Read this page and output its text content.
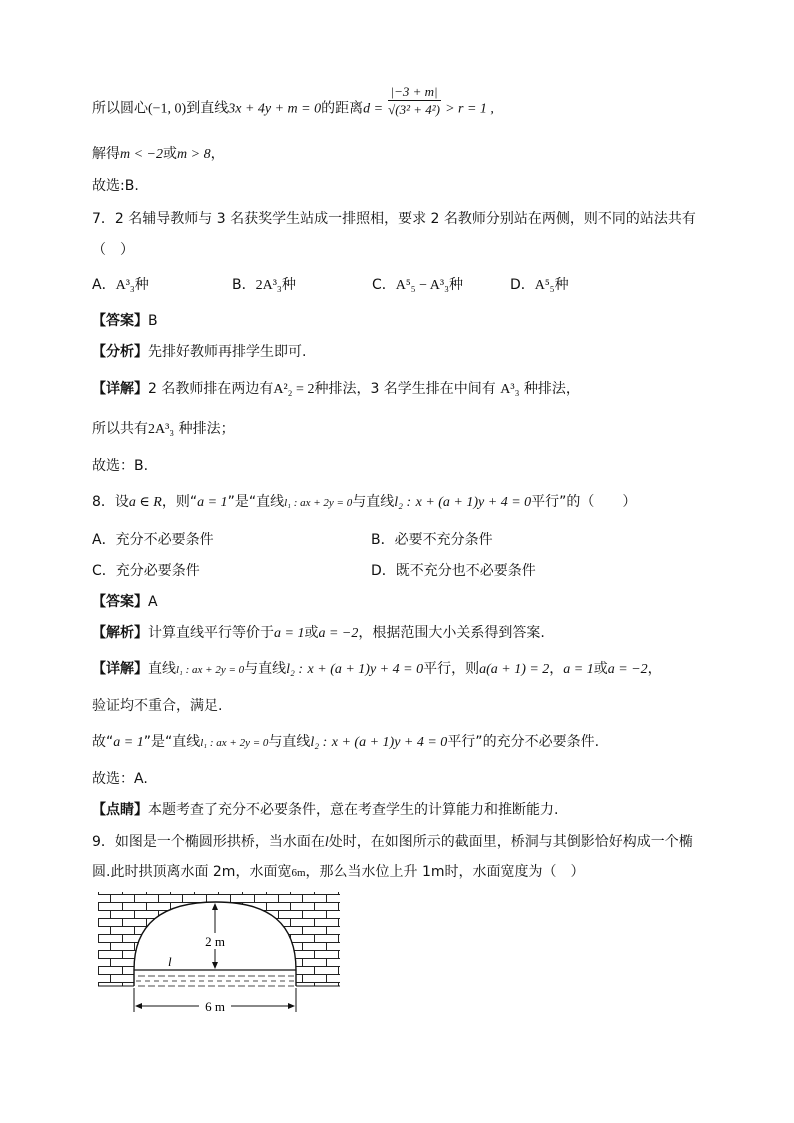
所以圆心(−1, 0)到直线3x + 4y + m = 0的距离$d = \frac{|-3 + m|}{\text{√(3² + 4²)}} > r = 1$ ,
解得m < −2或m > 8，
故选:B.
7．2 名辅导教师与 3 名获奖学生站成一排照相，要求 2 名教师分别站在两侧，则不同的站法共有
（　）
A．A³₃种	B．2A³₃种	C．A⁵₅ − A³₃种	D．A⁵₅种
【答案】B
【分析】先排好教师再排学生即可.
【详解】2 名教师排在两边有A²₂ = 2种排法，3 名学生排在中间有 A³₃ 种排法，
所以共有2A³₃ 种排法；
故选：B.
8．设a ∈ R，则“a = 1”是“直线l₁ : ax + 2y = 0与直线l₂ : x + (a + 1)y + 4 = 0平行”的（　　）
A．充分不必要条件	B．必要不充分条件
C．充分必要条件	D．既不充分也不必要条件
【答案】A
【解析】计算直线平行等价于a = 1或a = −2，根据范围大小关系得到答案.
【详解】直线l₁ : ax + 2y = 0与直线l₂ : x + (a + 1)y + 4 = 0平行，则a(a + 1) = 2，a = 1或a = −2，
验证均不重合，满足.
故“a = 1”是“直线l₁ : ax + 2y = 0与直线l₂ : x + (a + 1)y + 4 = 0平行”的充分不必要条件.
故选：A.
【点睛】本题考查了充分不必要条件，意在考查学生的计算能力和推断能力.
9．如图是一个椭圆形拱桥，当水面在l处时，在如图所示的截面里，桥洞与其倒影恰好构成一个椭
圆.此时拱顶离水面 2m，水面宽6m，那么当水位上升 1m时，水面宽度为（　）
2 m
l
6 m
